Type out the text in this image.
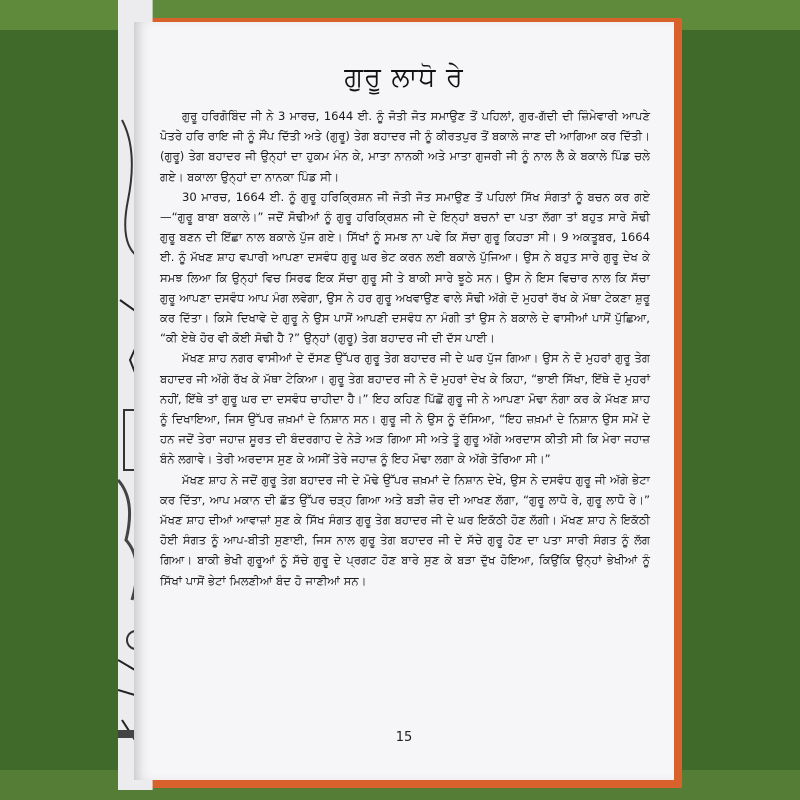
ਗੁਰੂ ਲਾਧੋ ਰੇ

ਗੁਰੂ ਹਰਿਗੋਬਿੰਦ ਜੀ ਨੇ 3 ਮਾਰਚ, 1644 ਈ. ਨੂੰ ਜੋਤੀ ਜੋਤ ਸਮਾਉਣ ਤੋਂ ਪਹਿਲਾਂ, ਗੁਰ-ਗੱਦੀ ਦੀ ਜ਼ਿੰਮੇਵਾਰੀ ਆਪਣੇ ਪੋਤਰੇ ਹਰਿ ਰਾਇ ਜੀ ਨੂੰ ਸੌਂਪ ਦਿੱਤੀ ਅਤੇ (ਗੁਰੂ) ਤੇਗ ਬਹਾਦਰ ਜੀ ਨੂੰ ਕੀਰਤਪੁਰ ਤੋਂ ਬਕਾਲੇ ਜਾਣ ਦੀ ਆਗਿਆ ਕਰ ਦਿੱਤੀ। (ਗੁਰੂ) ਤੇਗ ਬਹਾਦਰ ਜੀ ਉਨ੍ਹਾਂ ਦਾ ਹੁਕਮ ਮੰਨ ਕੇ, ਮਾਤਾ ਨਾਨਕੀ ਅਤੇ ਮਾਤਾ ਗੁਜਰੀ ਜੀ ਨੂੰ ਨਾਲ ਲੈ ਕੇ ਬਕਾਲੇ ਪਿੰਡ ਚਲੇ ਗਏ। ਬਕਾਲਾ ਉਨ੍ਹਾਂ ਦਾ ਨਾਨਕਾ ਪਿੰਡ ਸੀ।

30 ਮਾਰਚ, 1664 ਈ. ਨੂੰ ਗੁਰੂ ਹਰਿਕ੍ਰਿਸ਼ਨ ਜੀ ਜੋਤੀ ਜੋਤ ਸਮਾਉਣ ਤੋਂ ਪਹਿਲਾਂ ਸਿੱਖ ਸੰਗਤਾਂ ਨੂੰ ਬਚਨ ਕਰ ਗਏ—“ਗੁਰੂ ਬਾਬਾ ਬਕਾਲੇ।” ਜਦੋਂ ਸੋਢੀਆਂ ਨੂੰ ਗੁਰੂ ਹਰਿਕ੍ਰਿਸ਼ਨ ਜੀ ਦੇ ਇਨ੍ਹਾਂ ਬਚਨਾਂ ਦਾ ਪਤਾ ਲੱਗਾ ਤਾਂ ਬਹੁਤ ਸਾਰੇ ਸੋਢੀ ਗੁਰੂ ਬਣਨ ਦੀ ਇੱਛਾ ਨਾਲ ਬਕਾਲੇ ਪੁੱਜ ਗਏ। ਸਿੱਖਾਂ ਨੂੰ ਸਮਝ ਨਾ ਪਵੇ ਕਿ ਸੱਚਾ ਗੁਰੂ ਕਿਹੜਾ ਸੀ। 9 ਅਕਤੂਬਰ, 1664 ਈ. ਨੂੰ ਮੱਖਣ ਸ਼ਾਹ ਵਪਾਰੀ ਆਪਣਾ ਦਸਵੰਧ ਗੁਰੂ ਘਰ ਭੇਟ ਕਰਨ ਲਈ ਬਕਾਲੇ ਪੁੱਜਿਆ। ਉਸ ਨੇ ਬਹੁਤ ਸਾਰੇ ਗੁਰੂ ਦੇਖ ਕੇ ਸਮਝ ਲਿਆ ਕਿ ਉਨ੍ਹਾਂ ਵਿਚ ਸਿਰਫ ਇਕ ਸੱਚਾ ਗੁਰੂ ਸੀ ਤੇ ਬਾਕੀ ਸਾਰੇ ਝੂਠੇ ਸਨ। ਉਸ ਨੇ ਇਸ ਵਿਚਾਰ ਨਾਲ ਕਿ ਸੱਚਾ ਗੁਰੂ ਆਪਣਾ ਦਸਵੰਧ ਆਪ ਮੰਗ ਲਵੇਗਾ, ਉਸ ਨੇ ਹਰ ਗੁਰੂ ਅਖਵਾਉਣ ਵਾਲੇ ਸੋਢੀ ਅੱਗੇ ਦੋ ਮੁਹਰਾਂ ਰੱਖ ਕੇ ਮੱਥਾ ਟੇਕਣਾ ਸ਼ੁਰੂ ਕਰ ਦਿੱਤਾ। ਕਿਸੇ ਦਿਖਾਵੇ ਦੇ ਗੁਰੂ ਨੇ ਉਸ ਪਾਸੋਂ ਆਪਣੀ ਦਸਵੰਧ ਨਾ ਮੰਗੀ ਤਾਂ ਉਸ ਨੇ ਬਕਾਲੇ ਦੇ ਵਾਸੀਆਂ ਪਾਸੋਂ ਪੁੱਛਿਆ, “ਕੀ ਏਥੇ ਹੋਰ ਵੀ ਕੋਈ ਸੋਢੀ ਹੈ ?” ਉਨ੍ਹਾਂ (ਗੁਰੂ) ਤੇਗ ਬਹਾਦਰ ਜੀ ਦੀ ਦੱਸ ਪਾਈ।

ਮੱਖਣ ਸ਼ਾਹ ਨਗਰ ਵਾਸੀਆਂ ਦੇ ਦੱਸਣ ਉੱਪਰ ਗੁਰੂ ਤੇਗ ਬਹਾਦਰ ਜੀ ਦੇ ਘਰ ਪੁੱਜ ਗਿਆ। ਉਸ ਨੇ ਦੋ ਮੁਹਰਾਂ ਗੁਰੂ ਤੇਗ ਬਹਾਦਰ ਜੀ ਅੱਗੇ ਰੱਖ ਕੇ ਮੱਥਾ ਟੇਕਿਆ। ਗੁਰੂ ਤੇਗ ਬਹਾਦਰ ਜੀ ਨੇ ਦੋ ਮੁਹਰਾਂ ਦੇਖ ਕੇ ਕਿਹਾ, “ਭਾਈ ਸਿੱਖਾ, ਇੱਥੇ ਦੋ ਮੁਹਰਾਂ ਨਹੀਂ, ਇੱਥੇ ਤਾਂ ਗੁਰੂ ਘਰ ਦਾ ਦਸਵੰਧ ਚਾਹੀਦਾ ਹੈ।” ਇਹ ਕਹਿਣ ਪਿੱਛੋਂ ਗੁਰੂ ਜੀ ਨੇ ਆਪਣਾ ਮੋਢਾ ਨੰਗਾ ਕਰ ਕੇ ਮੱਖਣ ਸ਼ਾਹ ਨੂੰ ਦਿਖਾਇਆ, ਜਿਸ ਉੱਪਰ ਜ਼ਖ਼ਮਾਂ ਦੇ ਨਿਸ਼ਾਨ ਸਨ। ਗੁਰੂ ਜੀ ਨੇ ਉਸ ਨੂੰ ਦੱਸਿਆ, “ਇਹ ਜ਼ਖ਼ਮਾਂ ਦੇ ਨਿਸ਼ਾਨ ਉਸ ਸਮੇਂ ਦੇ ਹਨ ਜਦੋਂ ਤੇਰਾ ਜਹਾਜ਼ ਸੂਰਤ ਦੀ ਬੰਦਰਗਾਹ ਦੇ ਨੇੜੇ ਅੜ ਗਿਆ ਸੀ ਅਤੇ ਤੂੰ ਗੁਰੂ ਅੱਗੇ ਅਰਦਾਸ ਕੀਤੀ ਸੀ ਕਿ ਮੇਰਾ ਜਹਾਜ਼ ਬੰਨੇ ਲਗਾਵੇ। ਤੇਰੀ ਅਰਦਾਸ ਸੁਣ ਕੇ ਅਸੀਂ ਤੇਰੇ ਜਹਾਜ਼ ਨੂੰ ਇਹ ਮੋਢਾ ਲਗਾ ਕੇ ਅੱਗੇ ਤੋਰਿਆ ਸੀ।”

ਮੱਖਣ ਸ਼ਾਹ ਨੇ ਜਦੋਂ ਗੁਰੂ ਤੇਗ ਬਹਾਦਰ ਜੀ ਦੇ ਮੋਢੇ ਉੱਪਰ ਜ਼ਖ਼ਮਾਂ ਦੇ ਨਿਸ਼ਾਨ ਦੇਖੇ, ਉਸ ਨੇ ਦਸਵੰਧ ਗੁਰੂ ਜੀ ਅੱਗੇ ਭੇਟਾ ਕਰ ਦਿੱਤਾ, ਆਪ ਮਕਾਨ ਦੀ ਛੱਤ ਉੱਪਰ ਚੜ੍ਹ ਗਿਆ ਅਤੇ ਬੜੀ ਜ਼ੋਰ ਦੀ ਆਖਣ ਲੱਗਾ, “ਗੁਰੂ ਲਾਧੋ ਰੇ, ਗੁਰੂ ਲਾਧੋ ਰੇ।” ਮੱਖਣ ਸ਼ਾਹ ਦੀਆਂ ਆਵਾਜ਼ਾਂ ਸੁਣ ਕੇ ਸਿੱਖ ਸੰਗਤ ਗੁਰੂ ਤੇਗ ਬਹਾਦਰ ਜੀ ਦੇ ਘਰ ਇਕੱਠੀ ਹੋਣ ਲੱਗੀ। ਮੱਖਣ ਸ਼ਾਹ ਨੇ ਇਕੱਠੀ ਹੋਈ ਸੰਗਤ ਨੂੰ ਆਪ-ਬੀਤੀ ਸੁਣਾਈ, ਜਿਸ ਨਾਲ ਗੁਰੂ ਤੇਗ ਬਹਾਦਰ ਜੀ ਦੇ ਸੱਚੇ ਗੁਰੂ ਹੋਣ ਦਾ ਪਤਾ ਸਾਰੀ ਸੰਗਤ ਨੂੰ ਲੱਗ ਗਿਆ। ਬਾਕੀ ਭੇਖੀ ਗੁਰੂਆਂ ਨੂੰ ਸੱਚੇ ਗੁਰੂ ਦੇ ਪ੍ਰਗਟ ਹੋਣ ਬਾਰੇ ਸੁਣ ਕੇ ਬੜਾ ਦੁੱਖ ਹੋਇਆ, ਕਿਉਂਕਿ ਉਨ੍ਹਾਂ ਭੇਖੀਆਂ ਨੂੰ ਸਿੱਖਾਂ ਪਾਸੋਂ ਭੇਟਾਂ ਮਿਲਣੀਆਂ ਬੰਦ ਹੋ ਜਾਣੀਆਂ ਸਨ।

15
